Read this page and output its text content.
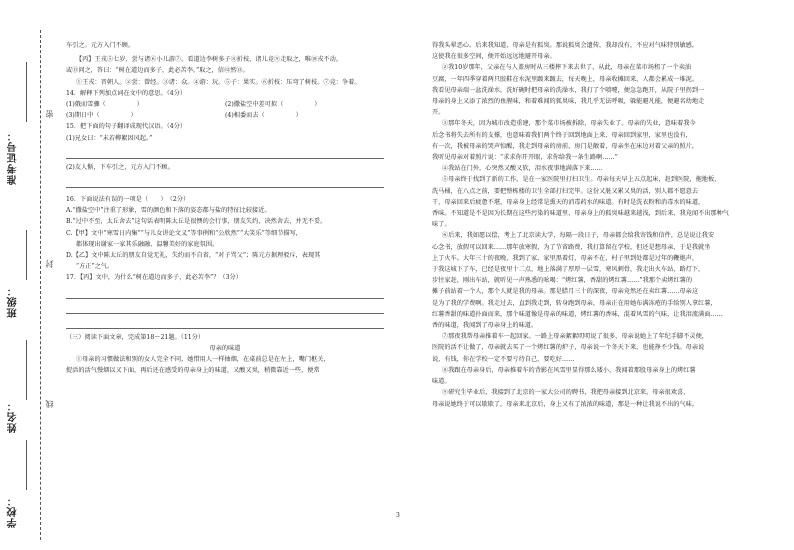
准考证号：
班级：
姓名：
学校：
密
封
线

车引之。元方入门不顾。

【丙】王戎⑤七岁，尝与诸⑥小儿游⑦。看道边李树多子⑧折枝，诸儿竞⑨走取之，唯⑩戎不动。

或⑪问之，答曰：“树在道边而多子，此必苦李。”取之，信⑫然⑬。

①王戎：晋朝人。②尝：曾经。③诸：众。④游：玩。⑤子：果实。⑥折枝：压弯了树枝。⑦竞：争着。

14．解释下列加点词在文中的意思。（4分）

(1)俄而雪骤（　　　　　）	(2)撒盐空中差可拟（　　　　　）
(3)期日中（　　　　　）	(4)相委而去（　　　　　）

15．把下面的句子翻译成现代汉语。（4分）

(1)兄女曰：“未若柳絮因风起。”

(2)友人惭，下车引之，元方入门不顾。

16．下面说法有误的一项是（　　）　（2分）

A.“撒盐空中”注重了形象，雪的颜色和下落的姿态都与盐的特征比较接近。

B.“过中不至，太丘舍去”这句话表明陈太丘是很懊的会行事，朋友失约，决然舍去，并无不妥。

C.【甲】文中“寒雪日内集”“与儿女讲论文义”等事例和“公欣然”“大笑乐”等细节描写，

都体现出谢家一家其乐融融、温馨美好的家庭氛围。

D.【乙】文中陈太丘的朋友自觉无礼，失约而不自省，“对子骂父”；陈元方据理驳斥，表现其

“方正”之气。

17．【丙】文中，为什么“树在道边而多子，此必苦李”？（3分）

（三）阅读下面文章，完成第18～21题。（11分）

母亲的味道

①母亲的习惯做法和别的女人完全不同，她惜用人一样抽烟，在桌前总是在左上，嘴门枢关，

捉活的活气慢烟以又下面，再后还在感受的母亲身上的味道，又酸又臭，稍微靠近一些，便常

得我头晕恶心。后来我知道，母亲是有狐臭。那说狐臭会遗传，我却没有，不应对气味特别敏感，

这使我在很多空间，便开始远远地避开母亲。

②我10岁那年，父亲在与人盖房时从三楼摔下来去世了，从此，母亲在菜市场租了一个卖油

豆腐，一年四季穿着两只胶鞋在水泥里踱来踱去，每天晚上，母亲收摊回来，人都会累成一堆泥。

我看见母亲端一盆洗澡水，洗好碗时把母亲的洗澡水，我打了个喷嚏，便急急跑开，从院子里拐到一

母亲的身上又添了浓烈的鱼腥味，和着难闻的狐臭味，我几乎无法呼吸，躲能避凡能，便避名幼地走

开。

③那年冬天，因为城市改造重建，那个菜市场被拆除，母亲失业了。母亲的失业，意味着我今

后念书将失去所有的支撑，也意味着我们两个终于回到地面上来，母亲回到家里，家里也没有，

有一次，我被母亲的哭声惊醒，我走到母亲的房前，房门是敞着，母亲坐在床边对着父亲的照片，

我听见母亲对着照片说：“求求你开开眼，求你给我一条生路啊……”

④我站在门外，心突然又酸又软，泪水夜事地满落下来……

⑤母亲终于找到了新的工作，是在一家医院里打扫卫生。母亲每天早上五点起床，赶到医院，拖地板，

洗马桶，在八点之前，要把整栋楼的卫生全部打扫完毕。这份又脏又累又臭的活，别人都不愿意去

干，母亲回来后疲惫不堪，母亲身上经常是熏天的消毒药水的味道。有时是洗衣粉和消毒水的味道，

香味。不知道是不是因为长期在这些污染的味道里，母亲身上的狐臭味越来越浅，到后来，我竟闻不出那种气

味了。

⑥后来，我如愿以偿，考上了北京读大学，每隔一段日子，母亲都会给我寄钱和信件，总是说让我安

心念书，放假可以回来……那年放寒假，为了节省路费，我打算留在学校，但还是想母亲，于是我就坐

上了火车。大年三十的夜晚，我到了家，家里黑着灯，母亲不在，村子里到处都是过年的鞭炮声，

于我这城下了车，已经是夜里十二点，地上落满了厚厚一层雪，寒风刺骨，我走出火车站，路灯下，

步往家赶，刚出车站，就听见一声熟悉的吆喝：“烤红薯，香甜的烤红薯……”我那个卖烤红薯的

摊子前站着一个人，那个人就是我的母亲。那是腊月三十的深夜，母亲竟然还在卖红薯……母亲这

是为了我的学费啊。我走过去，直到我走到，转身跑到母亲，母亲正在用她布满冻疮的手给别人拿红薯，

红薯香甜的味道扑面而来，那个味道像是母亲的味道，烤红薯的香味，混着风雪的气味，让我泪流满面……

香的味道，我闻到了母亲身上的味道。

⑦那夜我帮母亲推着车一起回家。一路上母亲絮絮叨叨说了很多，母亲说她上了年纪手脚不灵便，

医院的活不让做了，母亲就去买了一个烤红薯的炉子，母亲说一个冬天下来，也能挣不少钱。母亲说

说，有钱，你在学校一定不要亏待自己，要吃好……

⑧我跟在母亲身后，母亲推着车的背影在风雪里显得那么矮小，我闻着那股母亲身上的烤红薯

味道。

⑨研究生毕业后，我接到了北京的一家大公司的聘书，我把母亲接到北京来，母亲很欢喜，

母亲说她终于可以歇歇了，母亲来北京后，身上又有了浓浓的味道，那是一种让我说不出的气味。

3
